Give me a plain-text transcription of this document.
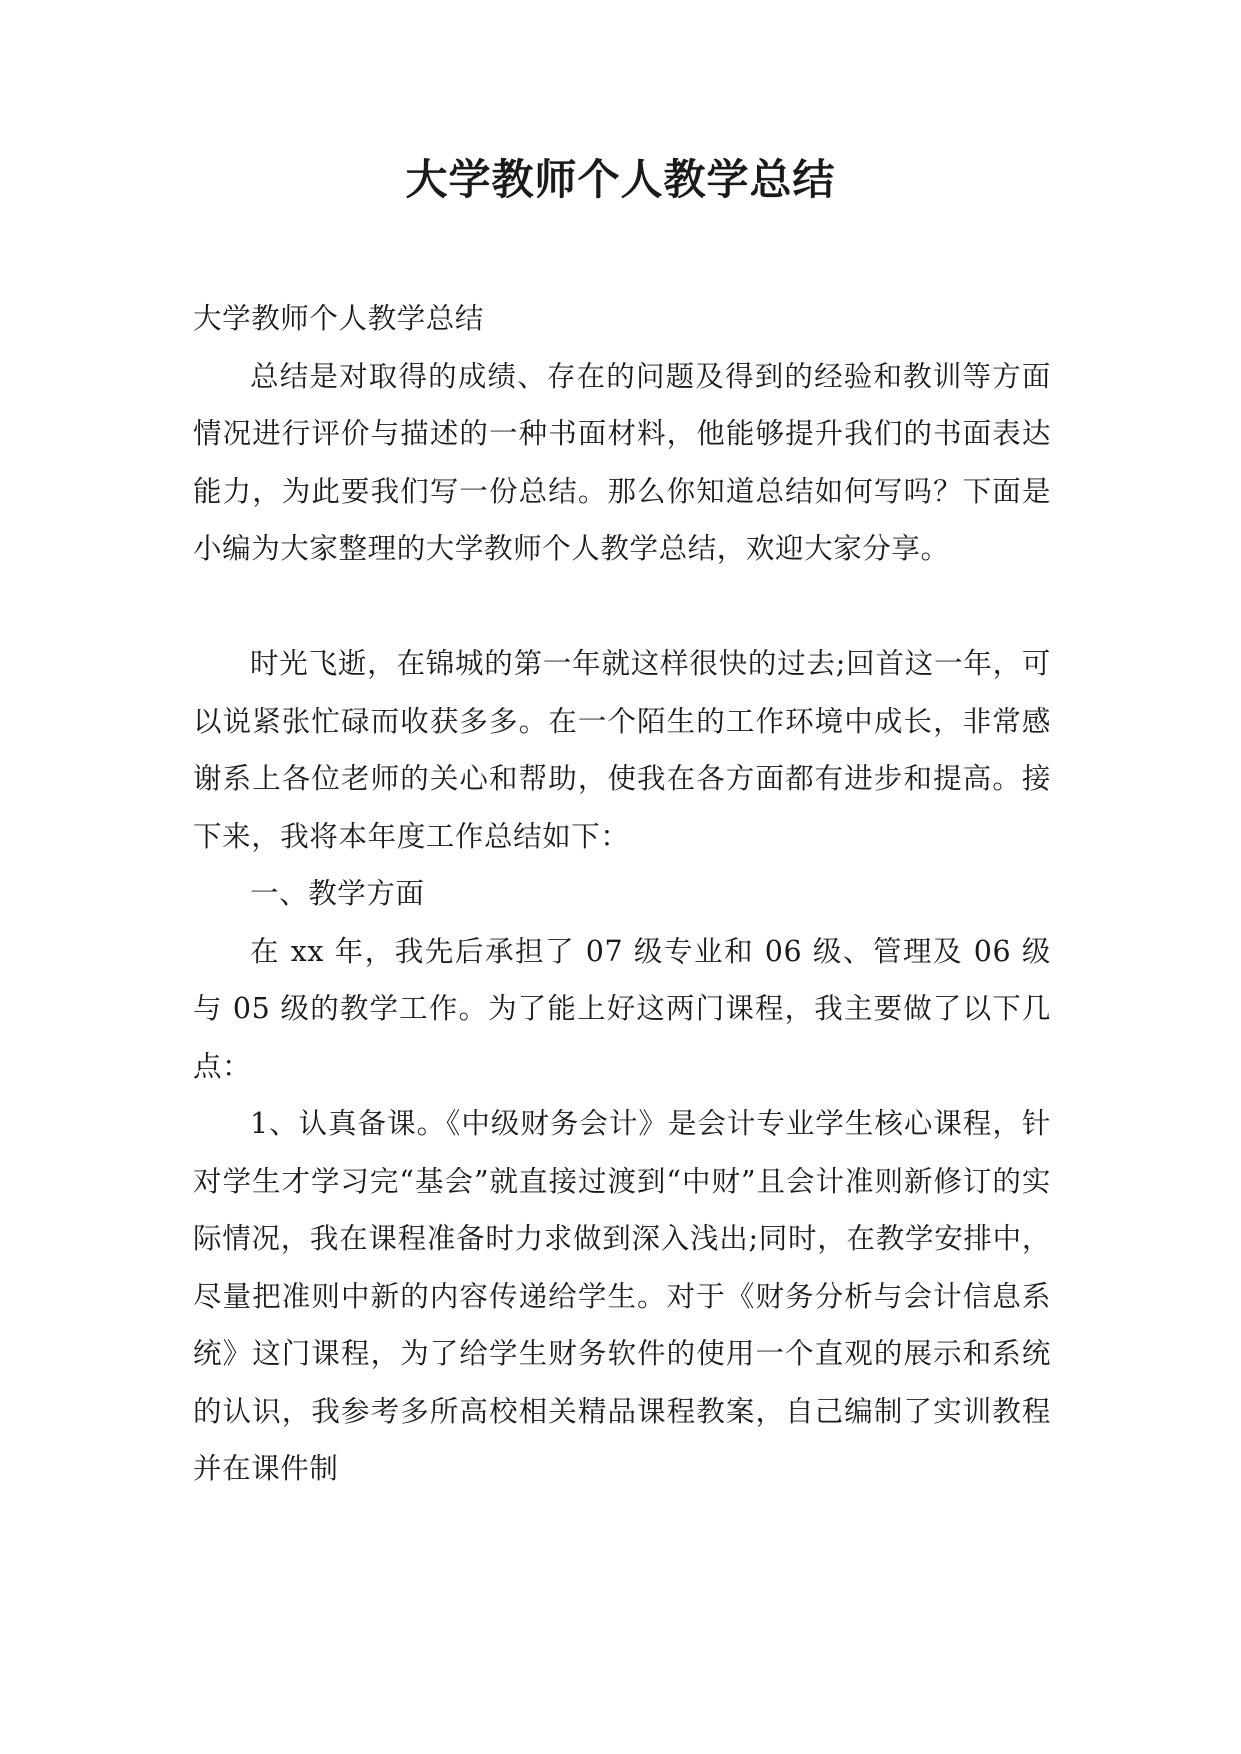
大学教师个人教学总结

大学教师个人教学总结

总结是对取得的成绩、存在的问题及得到的经验和教训等方面情况进行评价与描述的一种书面材料，他能够提升我们的书面表达能力，为此要我们写一份总结。那么你知道总结如何写吗？下面是小编为大家整理的大学教师个人教学总结，欢迎大家分享。

时光飞逝，在锦城的第一年就这样很快的过去;回首这一年，可以说紧张忙碌而收获多多。在一个陌生的工作环境中成长，非常感谢系上各位老师的关心和帮助，使我在各方面都有进步和提高。接下来，我将本年度工作总结如下：

一、教学方面

在 xx 年，我先后承担了 07 级专业和 06 级、管理及 06 级与 05 级的教学工作。为了能上好这两门课程，我主要做了以下几点：

1、认真备课。《中级财务会计》是会计专业学生核心课程，针对学生才学习完“基会”就直接过渡到“中财”且会计准则新修订的实际情况，我在课程准备时力求做到深入浅出;同时，在教学安排中，尽量把准则中新的内容传递给学生。对于《财务分析与会计信息系统》这门课程，为了给学生财务软件的使用一个直观的展示和系统的认识，我参考多所高校相关精品课程教案，自己编制了实训教程并在课件制
